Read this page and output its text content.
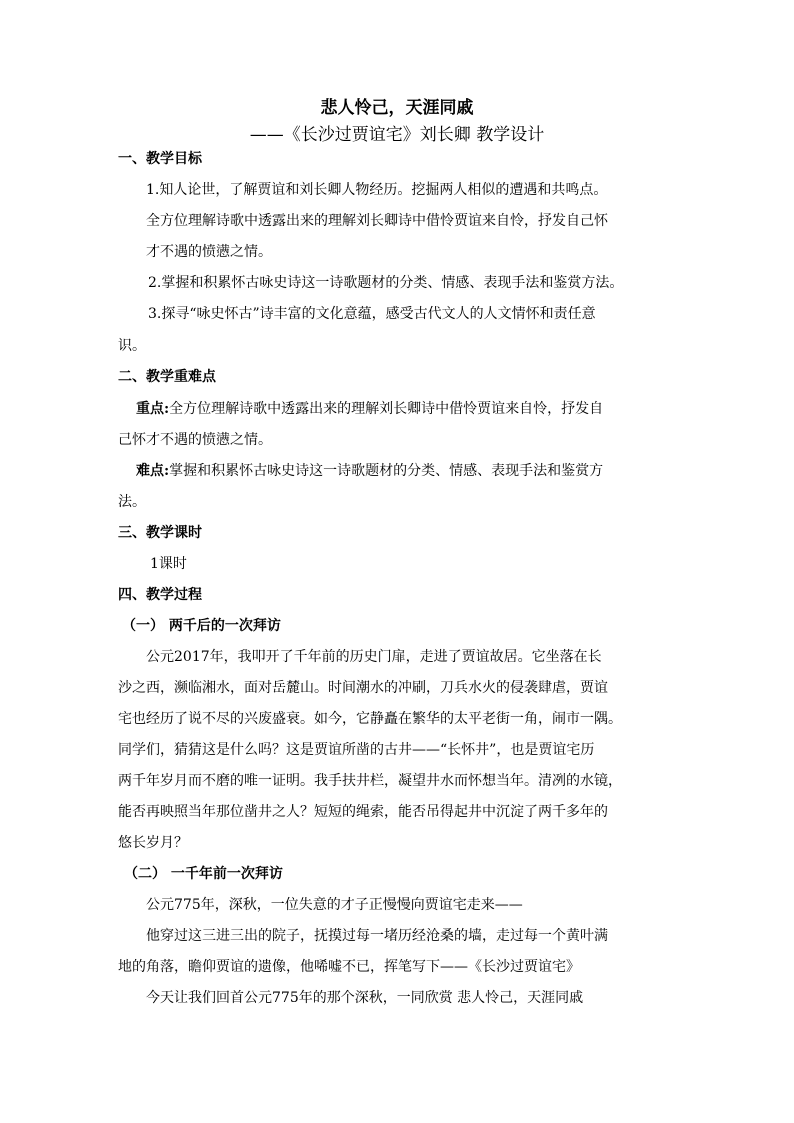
悲人怜己，天涯同戚
——《长沙过贾谊宅》刘长卿 教学设计
一、教学目标
1.知人论世，了解贾谊和刘长卿人物经历。挖掘两人相似的遭遇和共鸣点。
全方位理解诗歌中透露出来的理解刘长卿诗中借怜贾谊来自怜，抒发自己怀
才不遇的愤懑之情。
2.掌握和积累怀古咏史诗这一诗歌题材的分类、情感、表现手法和鉴赏方法。
3.探寻“咏史怀古”诗丰富的文化意蕴，感受古代文人的人文情怀和责任意
识。
二、教学重难点
重点:全方位理解诗歌中透露出来的理解刘长卿诗中借怜贾谊来自怜，抒发自
己怀才不遇的愤懑之情。
难点:掌握和积累怀古咏史诗这一诗歌题材的分类、情感、表现手法和鉴赏方
法。
三、教学课时
1课时
四、教学过程
（一） 两千后的一次拜访
公元2017年，我叩开了千年前的历史门扉，走进了贾谊故居。它坐落在长
沙之西，濒临湘水，面对岳麓山。时间潮水的冲刷，刀兵水火的侵袭肆虐，贾谊
宅也经历了说不尽的兴废盛衰。如今，它静矗在繁华的太平老街一角，闹市一隅。
同学们，猜猜这是什么吗？这是贾谊所凿的古井——“长怀井”，也是贾谊宅历
两千年岁月而不磨的唯一证明。我手扶井栏，凝望井水而怀想当年。清冽的水镜，
能否再映照当年那位凿井之人？短短的绳索，能否吊得起井中沉淀了两千多年的
悠长岁月？
（二） 一千年前一次拜访
公元775年，深秋，一位失意的才子正慢慢向贾谊宅走来——
他穿过这三进三出的院子，抚摸过每一堵历经沧桑的墙，走过每一个黄叶满
地的角落，瞻仰贾谊的遗像，他唏嘘不已，挥笔写下——《长沙过贾谊宅》
今天让我们回首公元775年的那个深秋，一同欣赏 悲人怜己，天涯同戚
